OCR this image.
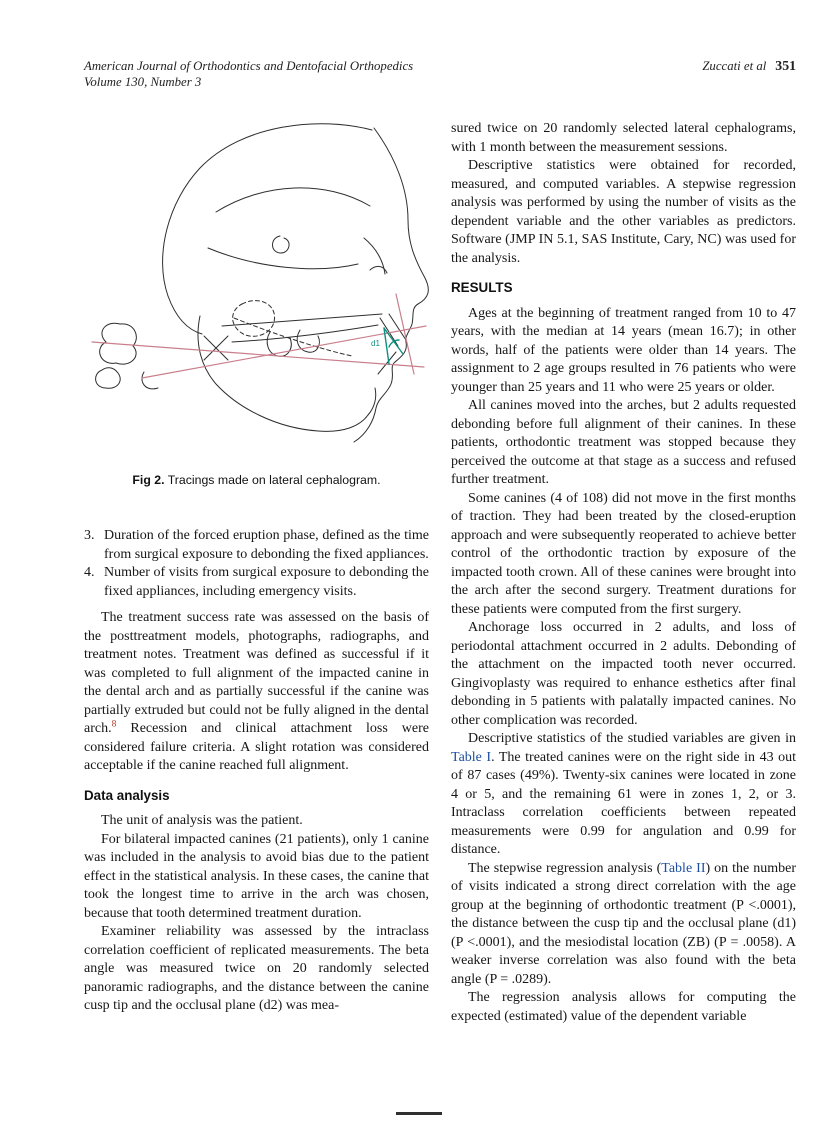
American Journal of Orthodontics and Dentofacial Orthopedics
Volume 130, Number 3
Zuccati et al 351
d1
Fig 2. Tracings made on lateral cephalogram.
3. Duration of the forced eruption phase, defined as the time from surgical exposure to debonding the fixed appliances.
4. Number of visits from surgical exposure to debonding the fixed appliances, including emergency visits.

The treatment success rate was assessed on the basis of the posttreatment models, photographs, radiographs, and treatment notes. Treatment was defined as successful if it was completed to full alignment of the impacted canine in the dental arch and as partially successful if the canine was partially extruded but could not be fully aligned in the dental arch.$^8$ Recession and clinical attachment loss were considered failure criteria. A slight rotation was considered acceptable if the canine reached full alignment.

Data analysis

The unit of analysis was the patient.

For bilateral impacted canines (21 patients), only 1 canine was included in the analysis to avoid bias due to the patient effect in the statistical analysis. In these cases, the canine that took the longest time to arrive in the arch was chosen, because that tooth determined treatment duration.

Examiner reliability was assessed by the intraclass correlation coefficient of replicated measurements. The beta angle was measured twice on 20 randomly selected panoramic radiographs, and the distance between the canine cusp tip and the occlusal plane (d2) was mea-

sured twice on 20 randomly selected lateral cephalograms, with 1 month between the measurement sessions.

Descriptive statistics were obtained for recorded, measured, and computed variables. A stepwise regression analysis was performed by using the number of visits as the dependent variable and the other variables as predictors. Software (JMP IN 5.1, SAS Institute, Cary, NC) was used for the analysis.

RESULTS

Ages at the beginning of treatment ranged from 10 to 47 years, with the median at 14 years (mean 16.7); in other words, half of the patients were older than 14 years. The assignment to 2 age groups resulted in 76 patients who were younger than 25 years and 11 who were 25 years or older.

All canines moved into the arches, but 2 adults requested debonding before full alignment of their canines. In these patients, orthodontic treatment was stopped because they perceived the outcome at that stage as a success and refused further treatment.

Some canines (4 of 108) did not move in the first months of traction. They had been treated by the closed-eruption approach and were subsequently reoperated to achieve better control of the orthodontic traction by exposure of the impacted tooth crown. All of these canines were brought into the arch after the second surgery. Treatment durations for these patients were computed from the first surgery.

Anchorage loss occurred in 2 adults, and loss of periodontal attachment occurred in 2 adults. Debonding of the attachment on the impacted tooth never occurred. Gingivoplasty was required to enhance esthetics after final debonding in 5 patients with palatally impacted canines. No other complication was recorded.

Descriptive statistics of the studied variables are given in Table I. The treated canines were on the right side in 43 out of 87 cases (49%). Twenty-six canines were located in zone 4 or 5, and the remaining 61 were in zones 1, 2, or 3. Intraclass correlation coefficients between repeated measurements were 0.99 for angulation and 0.99 for distance.

The stepwise regression analysis (Table II) on the number of visits indicated a strong direct correlation with the age group at the beginning of orthodontic treatment (P <.0001), the distance between the cusp tip and the occlusal plane (d1) (P <.0001), and the mesiodistal location (ZB) (P = .0058). A weaker inverse correlation was also found with the beta angle (P = .0289).

The regression analysis allows for computing the expected (estimated) value of the dependent variable
